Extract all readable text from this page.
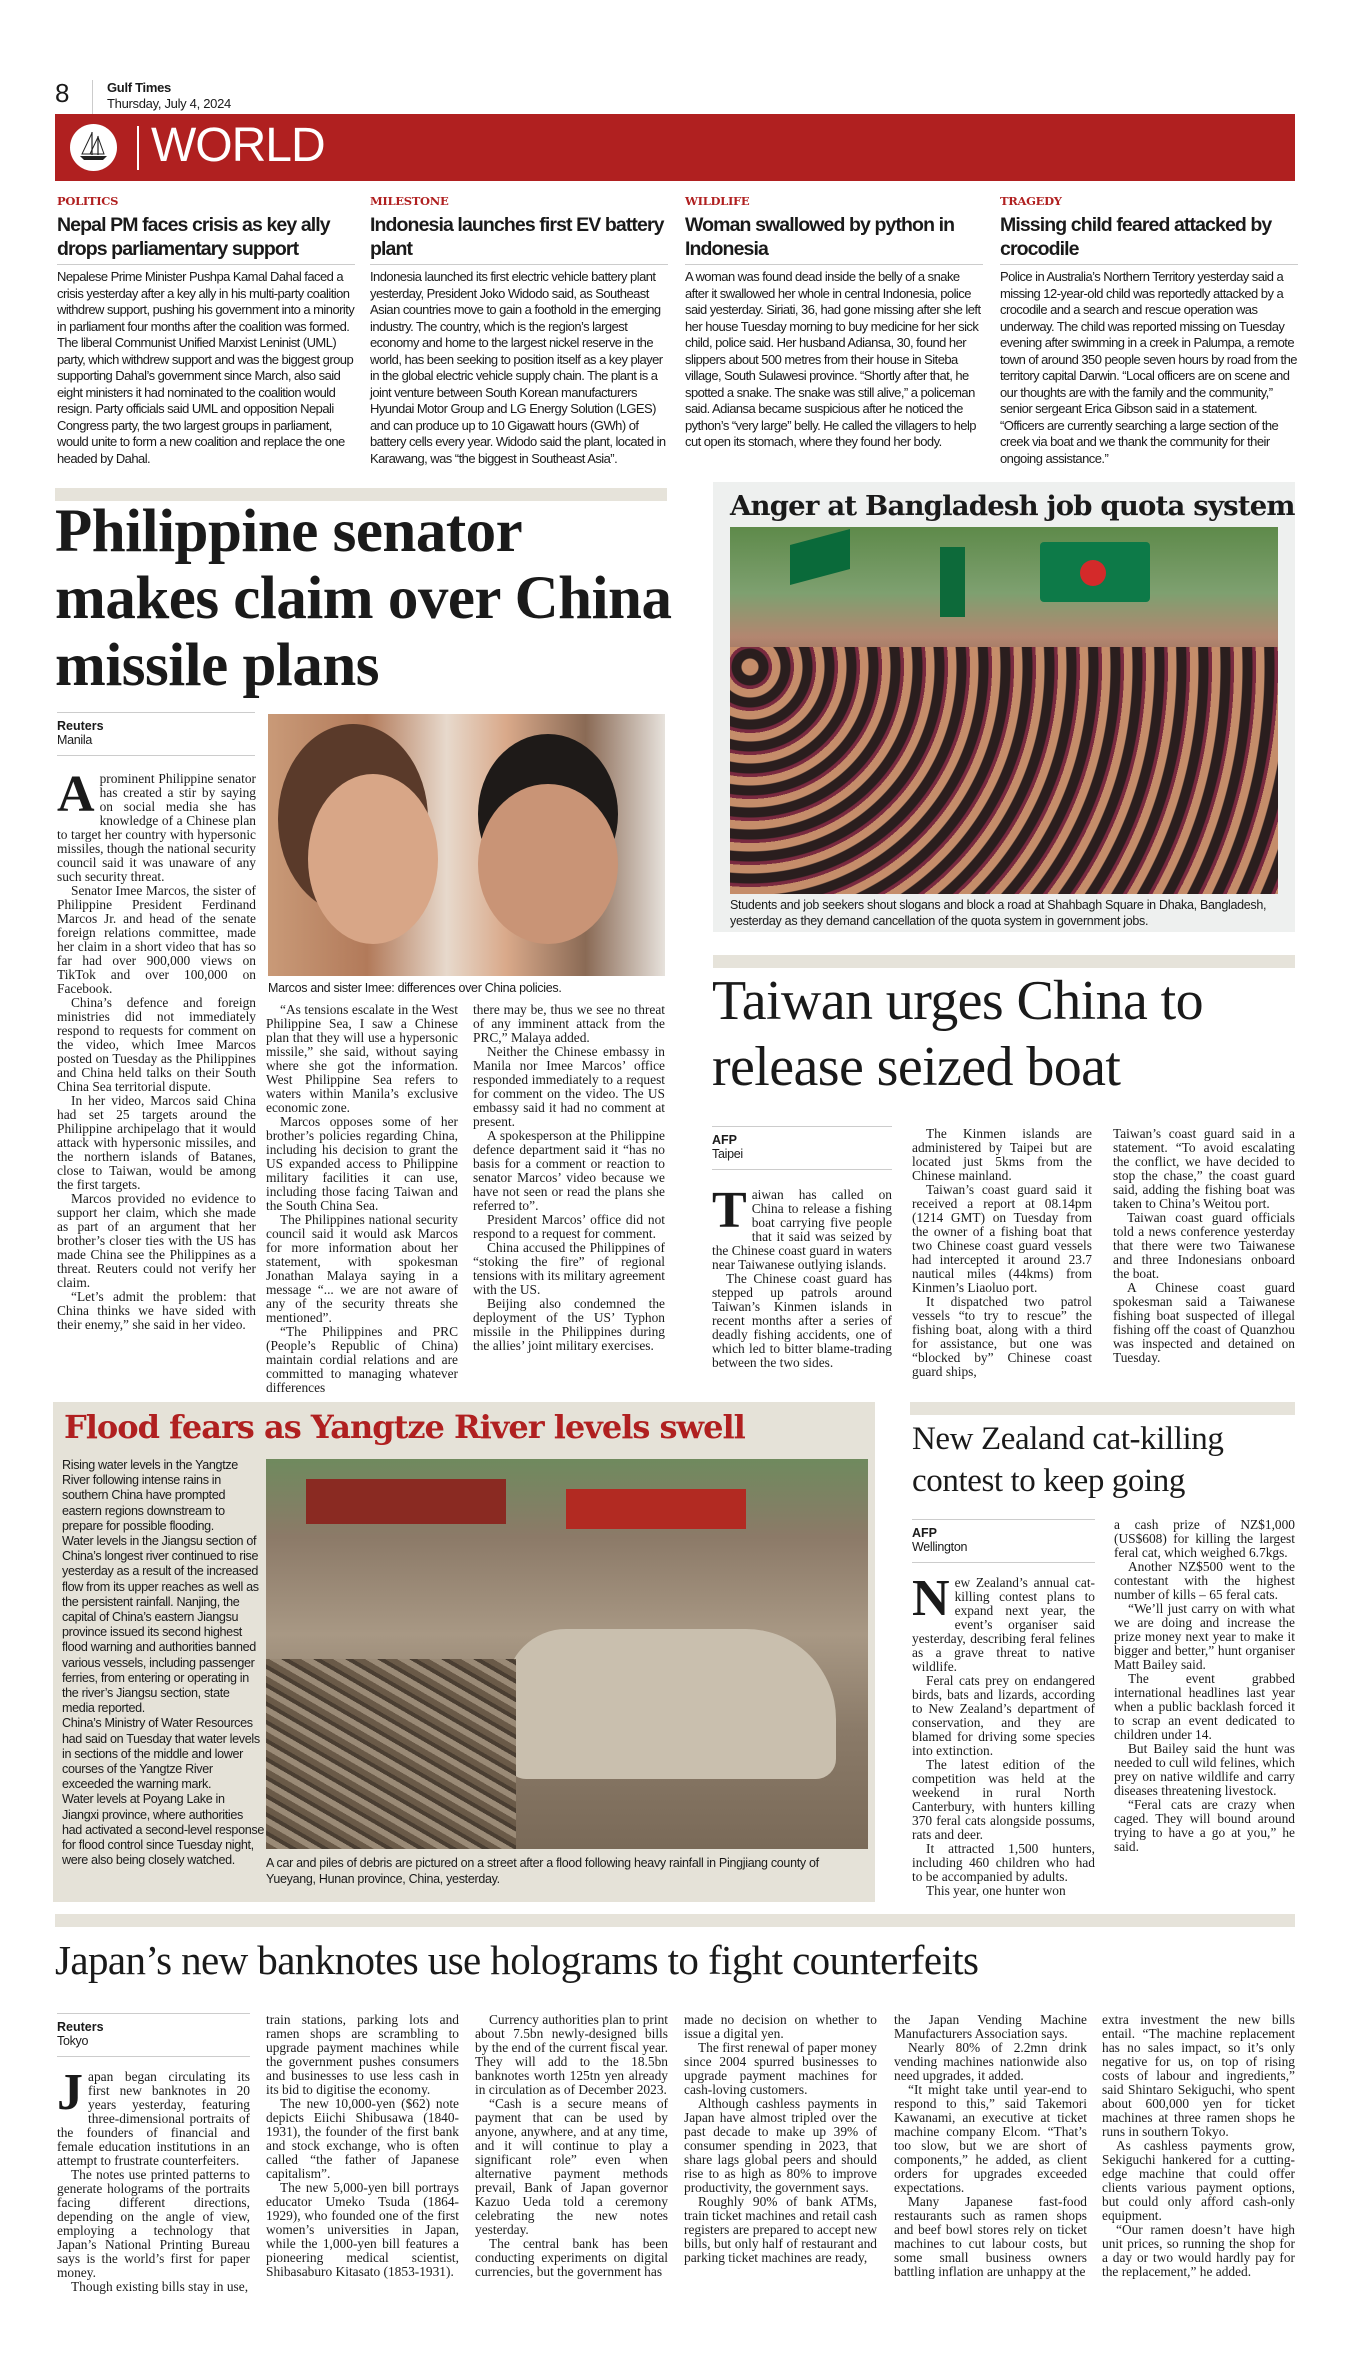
8	Gulf Times
Thursday, July 4, 2024
WORLD
POLITICS
Nepal PM faces crisis as key ally drops parliamentary support
Nepalese Prime Minister Pushpa Kamal Dahal faced a crisis yesterday after a key ally in his multi-party coalition withdrew support, pushing his government into a minority in parliament four months after the coalition was formed. The liberal Communist Unified Marxist Leninist (UML) party, which withdrew support and was the biggest group supporting Dahal’s government since March, also said eight ministers it had nominated to the coalition would resign. Party officials said UML and opposition Nepali Congress party, the two largest groups in parliament, would unite to form a new coalition and replace the one headed by Dahal.
MILESTONE
Indonesia launches first EV battery plant
Indonesia launched its first electric vehicle battery plant yesterday, President Joko Widodo said, as Southeast Asian countries move to gain a foothold in the emerging industry. The country, which is the region’s largest economy and home to the largest nickel reserve in the world, has been seeking to position itself as a key player in the global electric vehicle supply chain. The plant is a joint venture between South Korean manufacturers Hyundai Motor Group and LG Energy Solution (LGES) and can produce up to 10 Gigawatt hours (GWh) of battery cells every year. Widodo said the plant, located in Karawang, was “the biggest in Southeast Asia”.
WILDLIFE
Woman swallowed by python in Indonesia
A woman was found dead inside the belly of a snake after it swallowed her whole in central Indonesia, police said yesterday. Siriati, 36, had gone missing after she left her house Tuesday morning to buy medicine for her sick child, police said. Her husband Adiansa, 30, found her slippers about 500 metres from their house in Siteba village, South Sulawesi province. “Shortly after that, he spotted a snake. The snake was still alive,” a policeman said. Adiansa became suspicious after he noticed the python’s “very large” belly. He called the villagers to help cut open its stomach, where they found her body.
TRAGEDY
Missing child feared attacked by crocodile
Police in Australia’s Northern Territory yesterday said a missing 12-year-old child was reportedly attacked by a crocodile and a search and rescue operation was underway. The child was reported missing on Tuesday evening after swimming in a creek in Palumpa, a remote town of around 350 people seven hours by road from the territory capital Darwin. “Local officers are on scene and our thoughts are with the family and the community,” senior sergeant Erica Gibson said in a statement. “Officers are currently searching a large section of the creek via boat and we thank the community for their ongoing assistance.”
Philippine senator makes claim over China missile plans
Reuters
Manila
Marcos and sister Imee: differences over China policies.
A prominent Philippine senator has created a stir by saying on social media she has knowledge of a Chinese plan to target her country with hypersonic missiles, though the national security council said it was unaware of any such security threat.

Senator Imee Marcos, the sister of Philippine President Ferdinand Marcos Jr. and head of the senate foreign relations committee, made her claim in a short video that has so far had over 900,000 views on TikTok and over 100,000 on Facebook.

China’s defence and foreign ministries did not immediately respond to requests for comment on the video, which Imee Marcos posted on Tuesday as the Philippines and China held talks on their South China Sea territorial dispute.

In her video, Marcos said China had set 25 targets around the Philippine archipelago that it would attack with hypersonic missiles, and the northern islands of Batanes, close to Taiwan, would be among the first targets.

Marcos provided no evidence to support her claim, which she made as part of an argument that her brother’s closer ties with the US has made China see the Philippines as a threat. Reuters could not verify her claim.

“Let’s admit the problem: that China thinks we have sided with their enemy,” she said in her video.

“As tensions escalate in the West Philippine Sea, I saw a Chinese plan that they will use a hypersonic missile,” she said, without saying where she got the information. West Philippine Sea refers to waters within Manila’s exclusive economic zone.

Marcos opposes some of her brother’s policies regarding China, including his decision to grant the US expanded access to Philippine military facilities it can use, including those facing Taiwan and the South China Sea.

The Philippines national security council said it would ask Marcos for more information about her statement, with spokesman Jonathan Malaya saying in a message “... we are not aware of any of the security threats she mentioned”.

“The Philippines and PRC (People’s Republic of China) maintain cordial relations and are committed to managing whatever differences

there may be, thus we see no threat of any imminent attack from the PRC,” Malaya added.

Neither the Chinese embassy in Manila nor Imee Marcos’ office responded immediately to a request for comment on the video. The US embassy said it had no comment at present.

A spokesperson at the Philippine defence department said it “has no basis for a comment or reaction to senator Marcos’ video because we have not seen or read the plans she referred to”.

President Marcos’ office did not respond to a request for comment.

China accused the Philippines of “stoking the fire” of regional tensions with its military agreement with the US.

Beijing also condemned the deployment of the US’ Typhon missile in the Philippines during the allies’ joint military exercises.

Anger at Bangladesh job quota system
Students and job seekers shout slogans and block a road at Shahbagh Square in Dhaka, Bangladesh, yesterday as they demand cancellation of the quota system in government jobs.
Taiwan urges China to release seized boat
AFP
Taipei
T aiwan has called on China to release a fishing boat carrying five people that it said was seized by the Chinese coast guard in waters near Taiwanese outlying islands.

The Chinese coast guard has stepped up patrols around Taiwan’s Kinmen islands in recent months after a series of deadly fishing accidents, one of which led to bitter blame-trading between the two sides.

The Kinmen islands are administered by Taipei but are located just 5kms from the Chinese mainland.

Taiwan’s coast guard said it received a report at 08.14pm (1214 GMT) on Tuesday from the owner of a fishing boat that two Chinese coast guard vessels had intercepted it around 23.7 nautical miles (44kms) from Kinmen’s Liaoluo port.

It dispatched two patrol vessels “to try to rescue” the fishing boat, along with a third for assistance, but one was “blocked by” Chinese coast guard ships,

Taiwan’s coast guard said in a statement. “To avoid escalating the conflict, we have decided to stop the chase,” the coast guard said, adding the fishing boat was taken to China’s Weitou port.

Taiwan coast guard officials told a news conference yesterday that there were two Taiwanese and three Indonesians onboard the boat.

A Chinese coast guard spokesman said a Taiwanese fishing boat suspected of illegal fishing off the coast of Quanzhou was inspected and detained on Tuesday.

Flood fears as Yangtze River levels swell

Rising water levels in the Yangtze River following intense rains in southern China have prompted eastern regions downstream to prepare for possible flooding.

Water levels in the Jiangsu section of China’s longest river continued to rise yesterday as a result of the increased flow from its upper reaches as well as the persistent rainfall. Nanjing, the capital of China’s eastern Jiangsu province issued its second highest flood warning and authorities banned various vessels, including passenger ferries, from entering or operating in the river’s Jiangsu section, state media reported.

China’s Ministry of Water Resources had said on Tuesday that water levels in sections of the middle and lower courses of the Yangtze River exceeded the warning mark.

Water levels at Poyang Lake in Jiangxi province, where authorities had activated a second-level response for flood control since Tuesday night, were also being closely watched.	A car and piles of debris are pictured on a street after a flood following heavy rainfall in Pingjiang county of Yueyang, Hunan province, China, yesterday.
New Zealand cat-killing contest to keep going
AFP
Wellington
N ew Zealand’s annual cat-killing contest plans to expand next year, the event’s organiser said yesterday, describing feral felines as a grave threat to native wildlife.

Feral cats prey on endangered birds, bats and lizards, according to New Zealand’s department of conservation, and they are blamed for driving some species into extinction.

The latest edition of the competition was held at the weekend in rural North Canterbury, with hunters killing 370 feral cats alongside possums, rats and deer.

It attracted 1,500 hunters, including 460 children who had to be accompanied by adults.

This year, one hunter won

a cash prize of NZ$1,000 (US$608) for killing the largest feral cat, which weighed 6.7kgs.

Another NZ$500 went to the contestant with the highest number of kills – 65 feral cats.

“We’ll just carry on with what we are doing and increase the prize money next year to make it bigger and better,” hunt organiser Matt Bailey said.

The event grabbed international headlines last year when a public backlash forced it to scrap an event dedicated to children under 14.

But Bailey said the hunt was needed to cull wild felines, which prey on native wildlife and carry diseases threatening livestock.

“Feral cats are crazy when caged. They will bound around trying to have a go at you,” he said.

Japan’s new banknotes use holograms to fight counterfeits
Reuters
Tokyo
J apan began circulating its first new banknotes in 20 years yesterday, featuring three-dimensional portraits of the founders of financial and female education institutions in an attempt to frustrate counterfeiters.

The notes use printed patterns to generate holograms of the portraits facing different directions, depending on the angle of view, employing a technology that Japan’s National Printing Bureau says is the world’s first for paper money.

Though existing bills stay in use,

train stations, parking lots and ramen shops are scrambling to upgrade payment machines while the government pushes consumers and businesses to use less cash in its bid to digitise the economy.

The new 10,000-yen ($62) note depicts Eiichi Shibusawa (1840-1931), the founder of the first bank and stock exchange, who is often called “the father of Japanese capitalism”.

The new 5,000-yen bill portrays educator Umeko Tsuda (1864-1929), who founded one of the first women’s universities in Japan, while the 1,000-yen bill features a pioneering medical scientist, Shibasaburo Kitasato (1853-1931).

Currency authorities plan to print about 7.5bn newly-designed bills by the end of the current fiscal year. They will add to the 18.5bn banknotes worth 125tn yen already in circulation as of December 2023.

“Cash is a secure means of payment that can be used by anyone, anywhere, and at any time, and it will continue to play a significant role” even when alternative payment methods prevail, Bank of Japan governor Kazuo Ueda told a ceremony celebrating the new notes yesterday.

The central bank has been conducting experiments on digital currencies, but the government has

made no decision on whether to issue a digital yen.

The first renewal of paper money since 2004 spurred businesses to upgrade payment machines for cash-loving customers.

Although cashless payments in Japan have almost tripled over the past decade to make up 39% of consumer spending in 2023, that share lags global peers and should rise to as high as 80% to improve productivity, the government says.

Roughly 90% of bank ATMs, train ticket machines and retail cash registers are prepared to accept new bills, but only half of restaurant and parking ticket machines are ready,

the Japan Vending Machine Manufacturers Association says.

Nearly 80% of 2.2mn drink vending machines nationwide also need upgrades, it added.

“It might take until year-end to respond to this,” said Takemori Kawanami, an executive at ticket machine company Elcom. “That’s too slow, but we are short of components,” he added, as client orders for upgrades exceeded expectations.

Many Japanese fast-food restaurants such as ramen shops and beef bowl stores rely on ticket machines to cut labour costs, but some small business owners battling inflation are unhappy at the

extra investment the new bills entail. “The machine replacement has no sales impact, so it’s only negative for us, on top of rising costs of labour and ingredients,” said Shintaro Sekiguchi, who spent about 600,000 yen for ticket machines at three ramen shops he runs in southern Tokyo.

As cashless payments grow, Sekiguchi hankered for a cutting-edge machine that could offer clients various payment options, but could only afford cash-only equipment.

“Our ramen doesn’t have high unit prices, so running the shop for a day or two would hardly pay for the replacement,” he added.
